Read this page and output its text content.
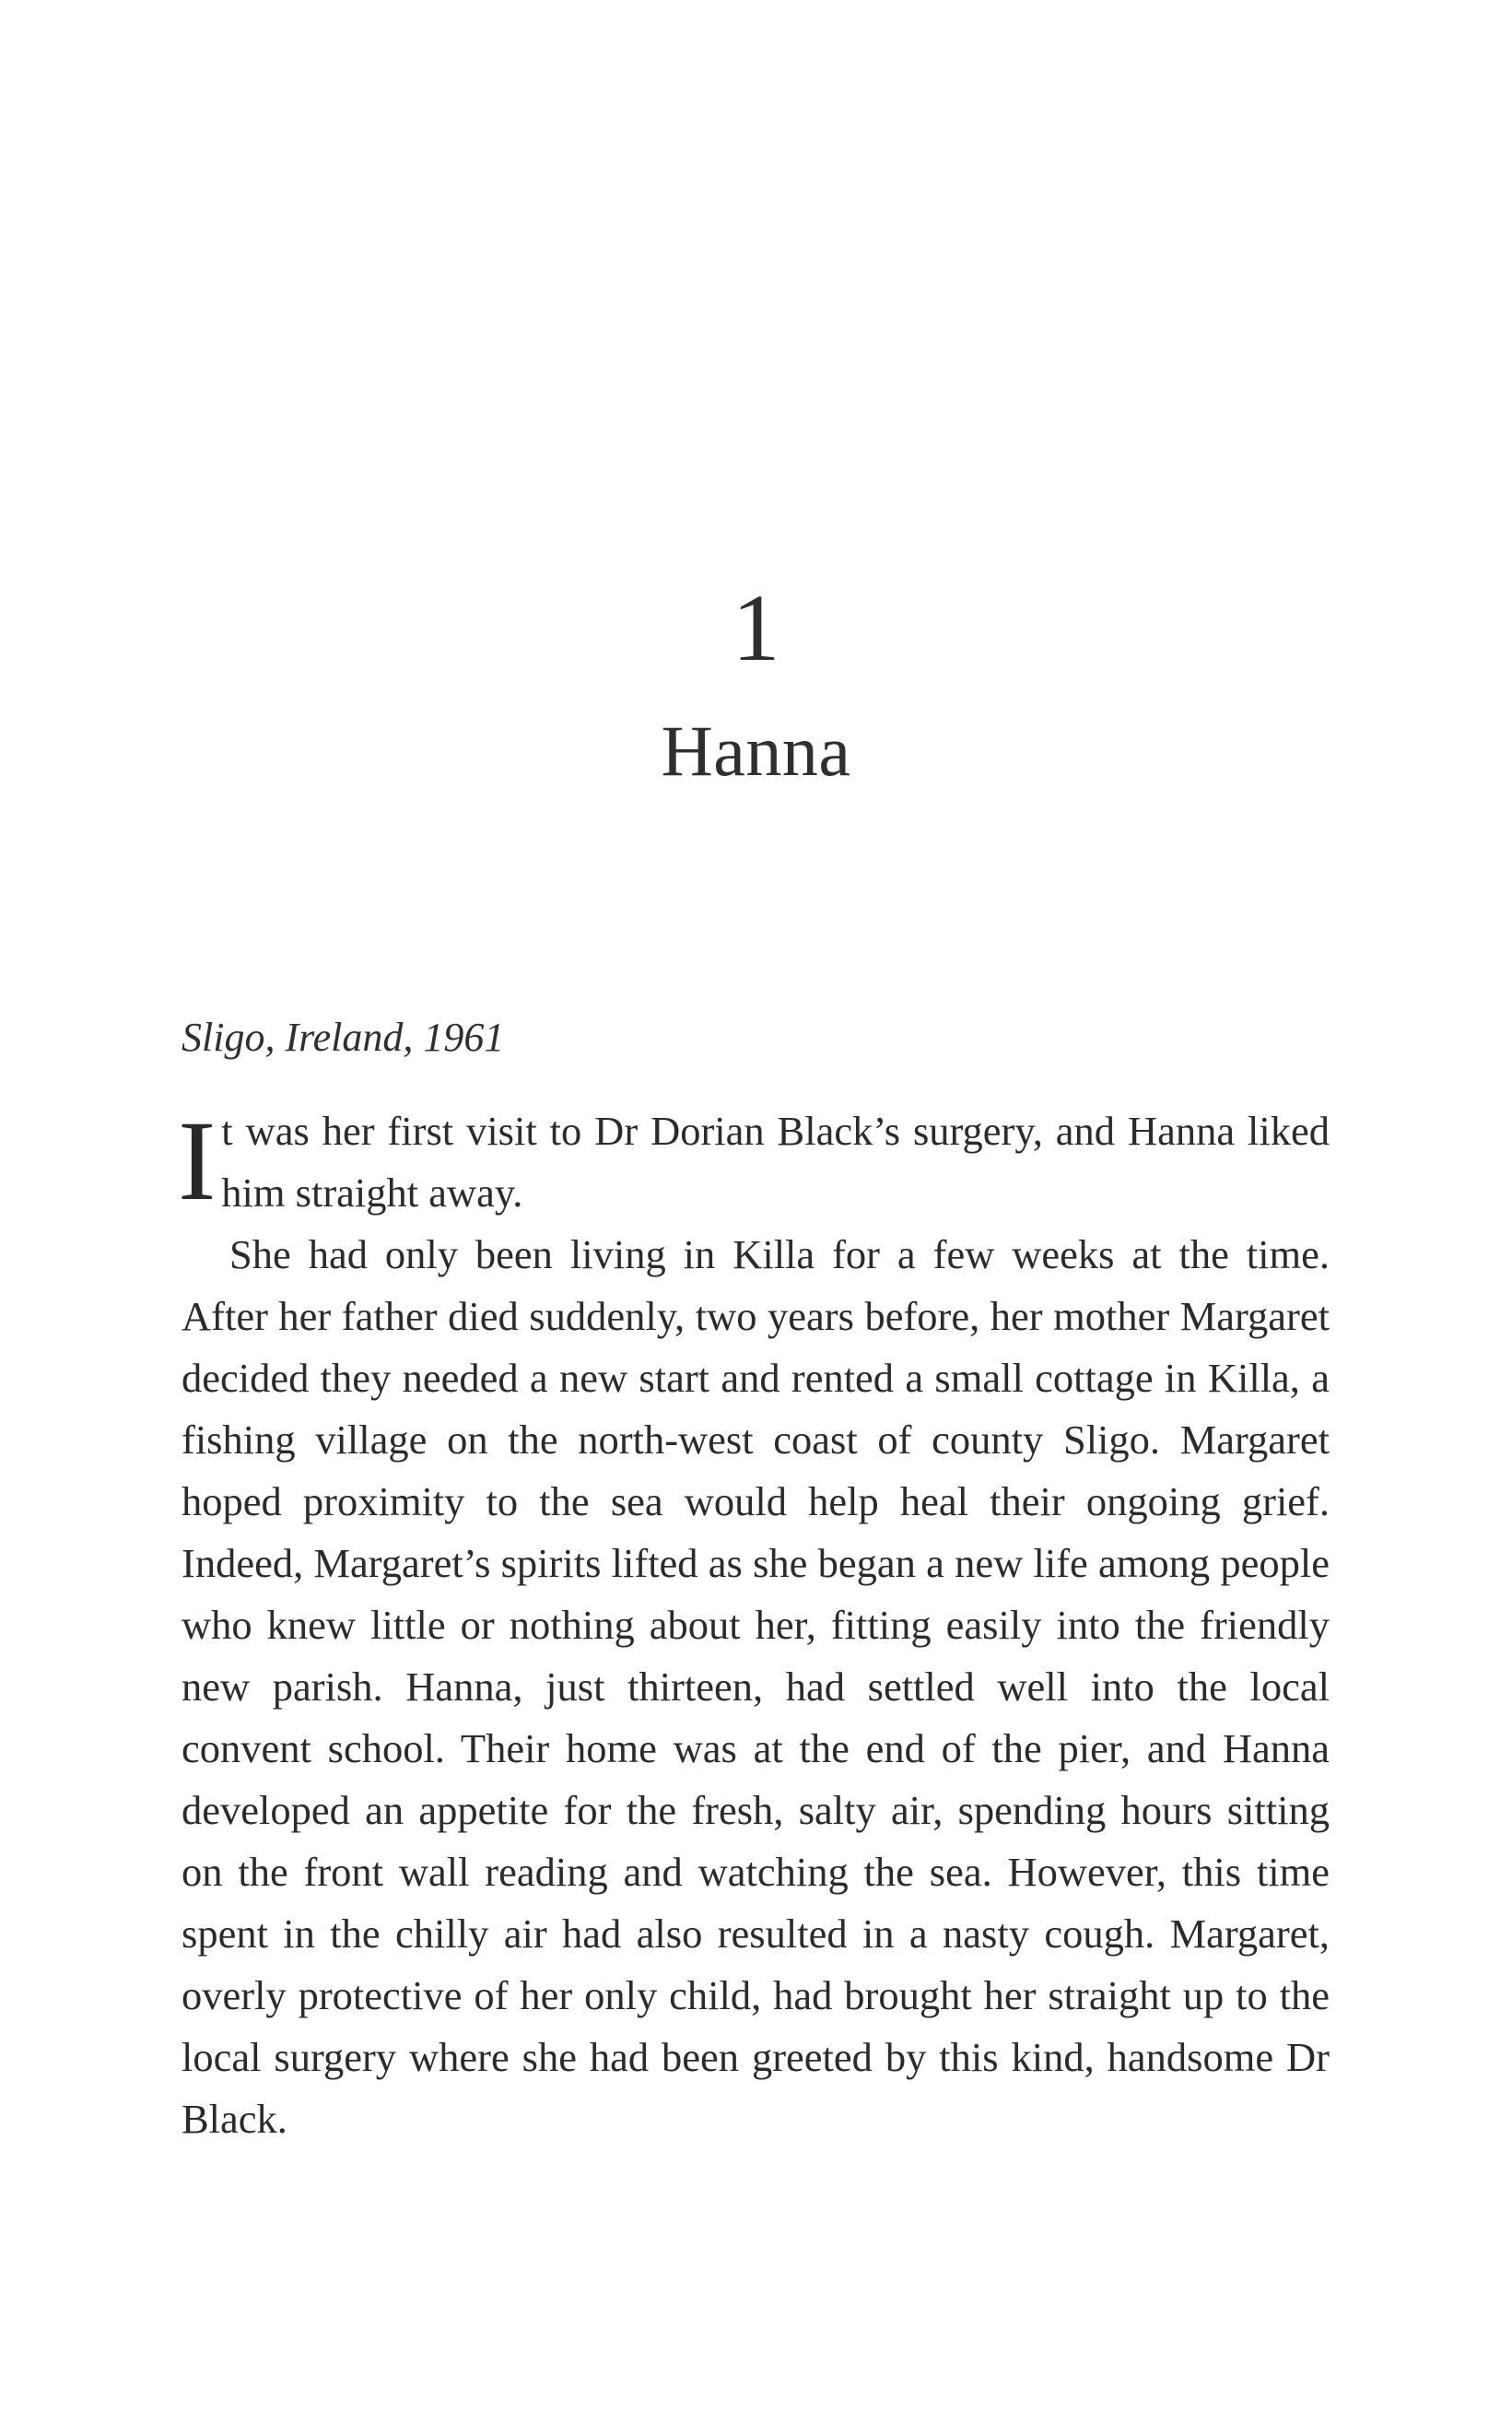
1
Hanna
Sligo, Ireland, 1961

It was her first visit to Dr Dorian Black’s surgery, and Hanna liked him straight away.

She had only been living in Killa for a few weeks at the time. After her father died suddenly, two years before, her mother Margaret decided they needed a new start and rented a small cottage in Killa, a fishing village on the north-west coast of county Sligo. Margaret hoped proximity to the sea would help heal their ongoing grief. Indeed, Margaret’s spirits lifted as she began a new life among people who knew little or nothing about her, fitting easily into the friendly new parish. Hanna, just thirteen, had settled well into the local convent school. Their home was at the end of the pier, and Hanna developed an appetite for the fresh, salty air, spending hours sitting on the front wall reading and watching the sea. However, this time spent in the chilly air had also resulted in a nasty cough. Margaret, overly protective of her only child, had brought her straight up to the local surgery where she had been greeted by this kind, handsome Dr Black.
